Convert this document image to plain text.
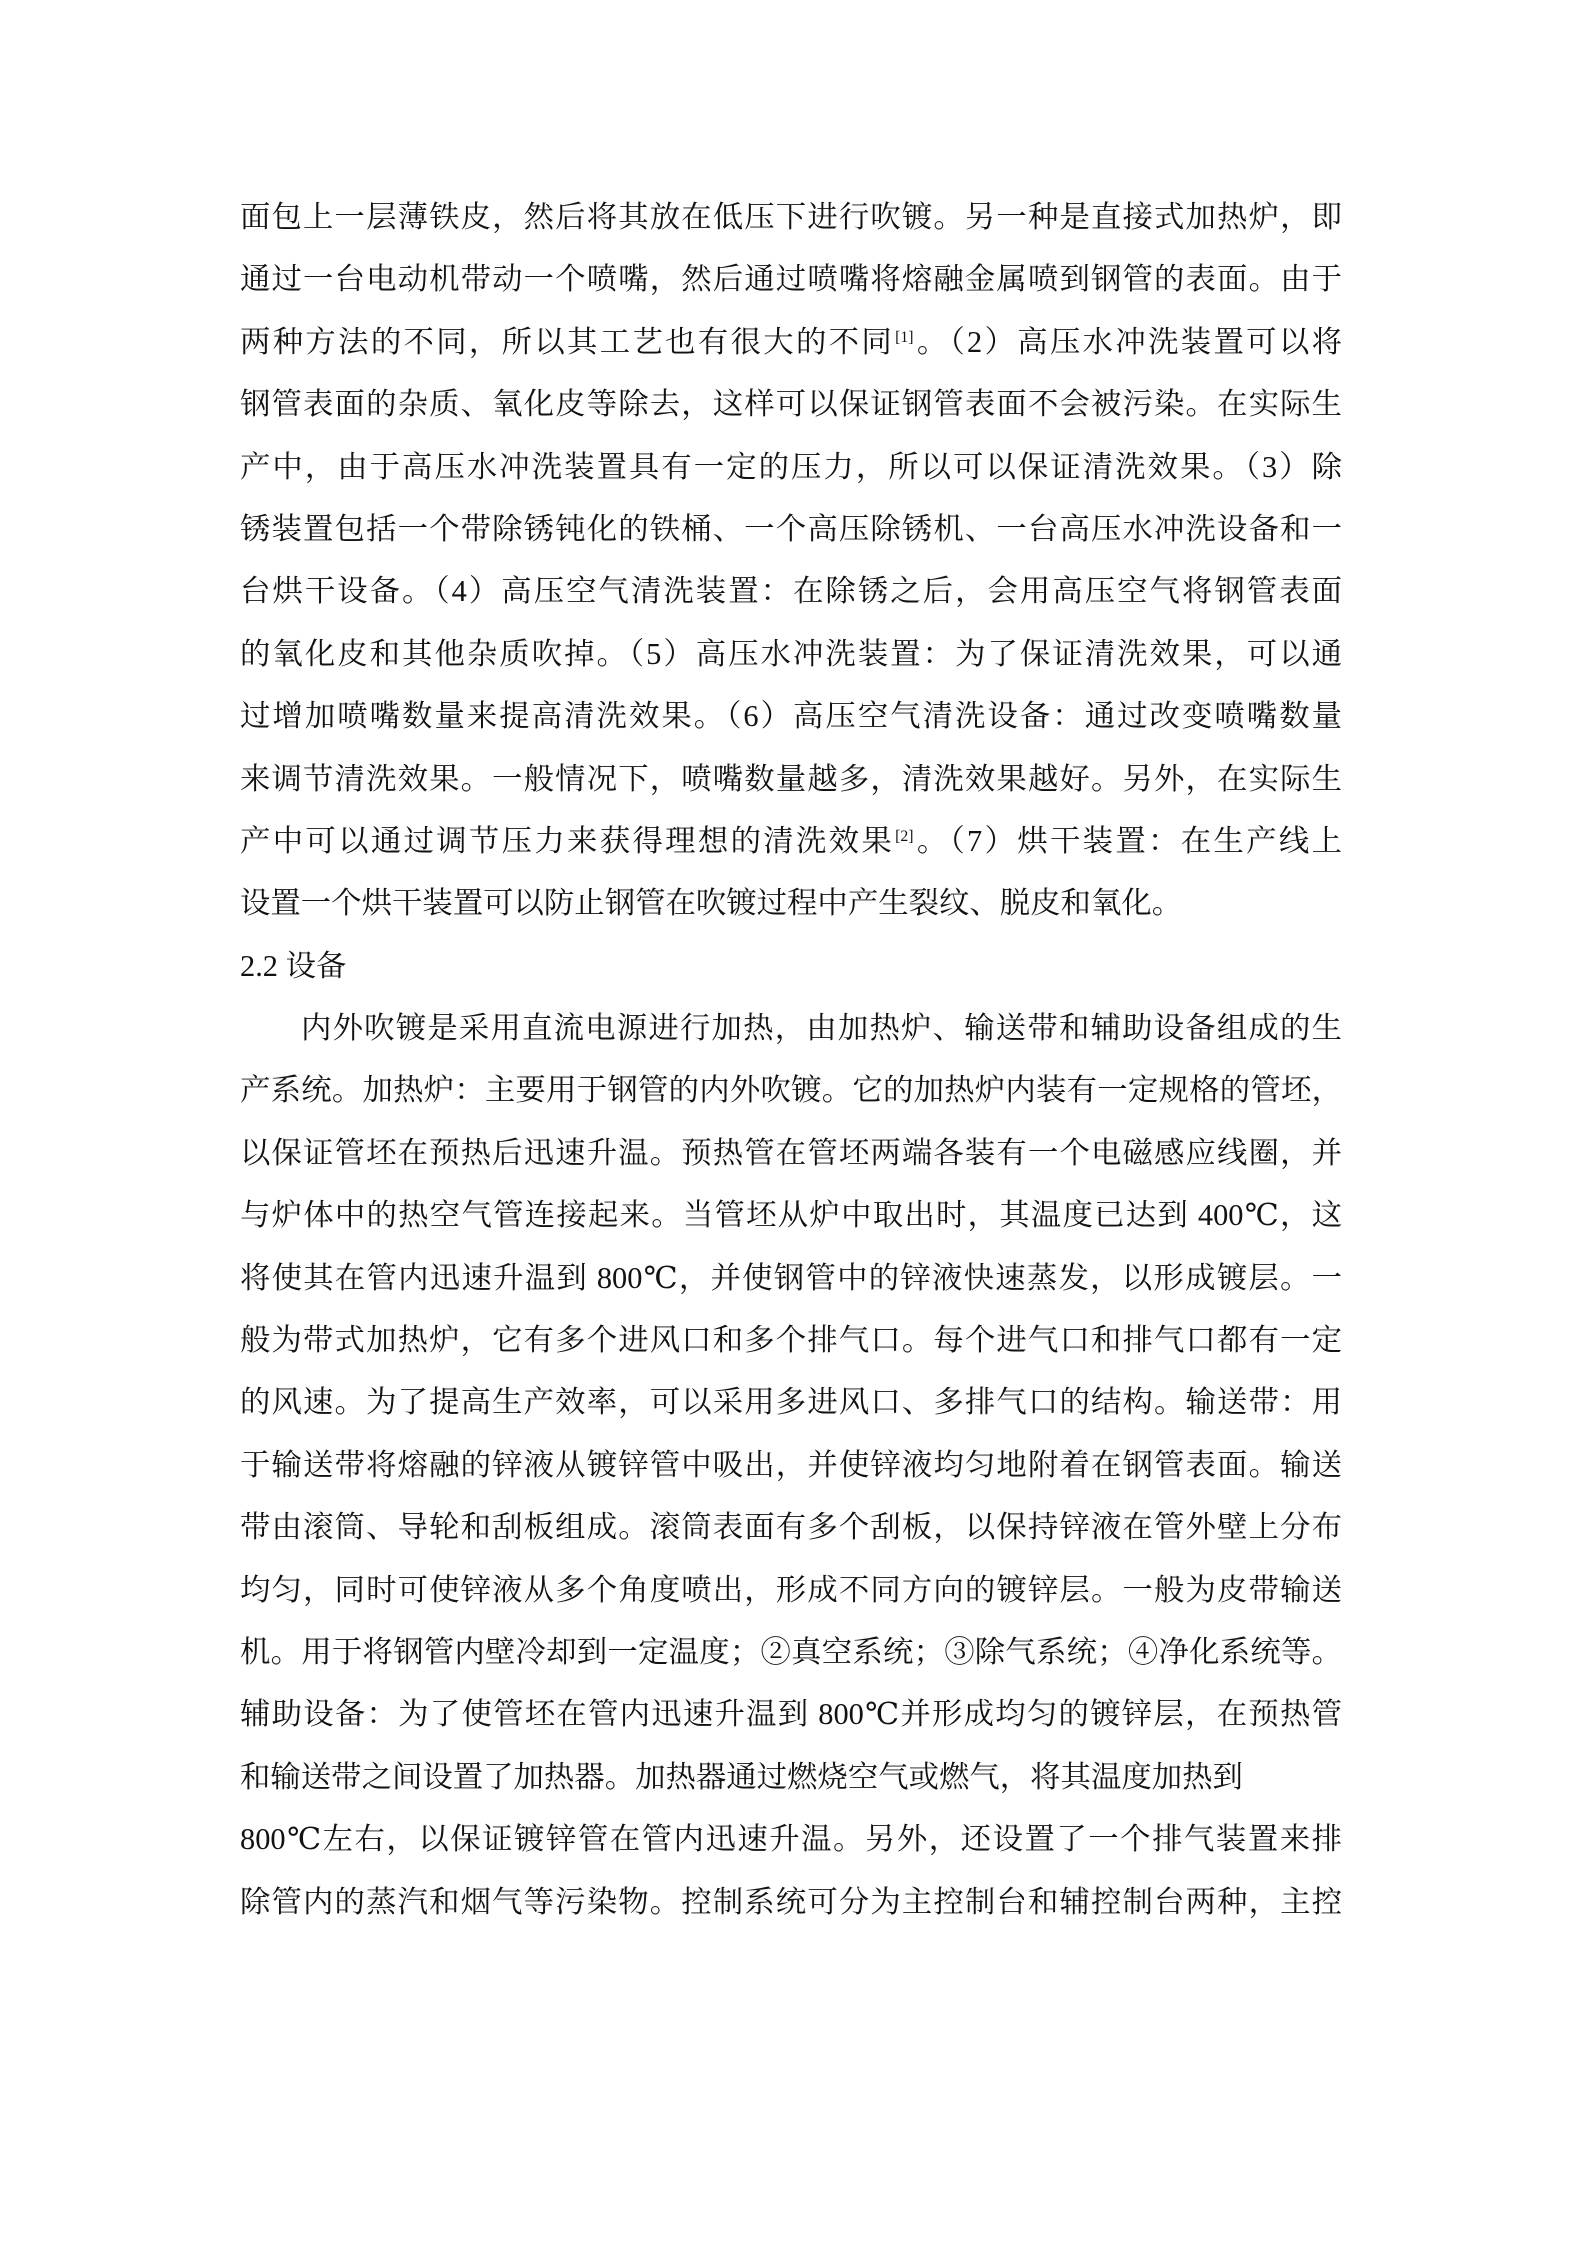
面包上一层薄铁皮，然后将其放在低压下进行吹镀。另一种是直接式加热炉，即
通过一台电动机带动一个喷嘴，然后通过喷嘴将熔融金属喷到钢管的表面。由于
两种方法的不同，所以其工艺也有很大的不同[1]。（2）高压水冲洗装置可以将
钢管表面的杂质、氧化皮等除去，这样可以保证钢管表面不会被污染。在实际生
产中，由于高压水冲洗装置具有一定的压力，所以可以保证清洗效果。（3）除
锈装置包括一个带除锈钝化的铁桶、一个高压除锈机、一台高压水冲洗设备和一
台烘干设备。（4）高压空气清洗装置：在除锈之后，会用高压空气将钢管表面
的氧化皮和其他杂质吹掉。（5）高压水冲洗装置：为了保证清洗效果，可以通
过增加喷嘴数量来提高清洗效果。（6）高压空气清洗设备：通过改变喷嘴数量
来调节清洗效果。一般情况下，喷嘴数量越多，清洗效果越好。另外，在实际生
产中可以通过调节压力来获得理想的清洗效果[2]。（7）烘干装置：在生产线上
设置一个烘干装置可以防止钢管在吹镀过程中产生裂纹、脱皮和氧化。
2.2 设备
内外吹镀是采用直流电源进行加热，由加热炉、输送带和辅助设备组成的生
产系统。加热炉：主要用于钢管的内外吹镀。它的加热炉内装有一定规格的管坯，
以保证管坯在预热后迅速升温。预热管在管坯两端各装有一个电磁感应线圈，并
与炉体中的热空气管连接起来。当管坯从炉中取出时，其温度已达到 400℃，这
将使其在管内迅速升温到 800℃，并使钢管中的锌液快速蒸发，以形成镀层。一
般为带式加热炉，它有多个进风口和多个排气口。每个进气口和排气口都有一定
的风速。为了提高生产效率，可以采用多进风口、多排气口的结构。输送带：用
于输送带将熔融的锌液从镀锌管中吸出，并使锌液均匀地附着在钢管表面。输送
带由滚筒、导轮和刮板组成。滚筒表面有多个刮板，以保持锌液在管外壁上分布
均匀，同时可使锌液从多个角度喷出，形成不同方向的镀锌层。一般为皮带输送
机。用于将钢管内壁冷却到一定温度；②真空系统；③除气系统；④净化系统等。
辅助设备：为了使管坯在管内迅速升温到 800℃并形成均匀的镀锌层，在预热管
和输送带之间设置了加热器。加热器通过燃烧空气或燃气，将其温度加热到
800℃左右，以保证镀锌管在管内迅速升温。另外，还设置了一个排气装置来排
除管内的蒸汽和烟气等污染物。控制系统可分为主控制台和辅控制台两种，主控
